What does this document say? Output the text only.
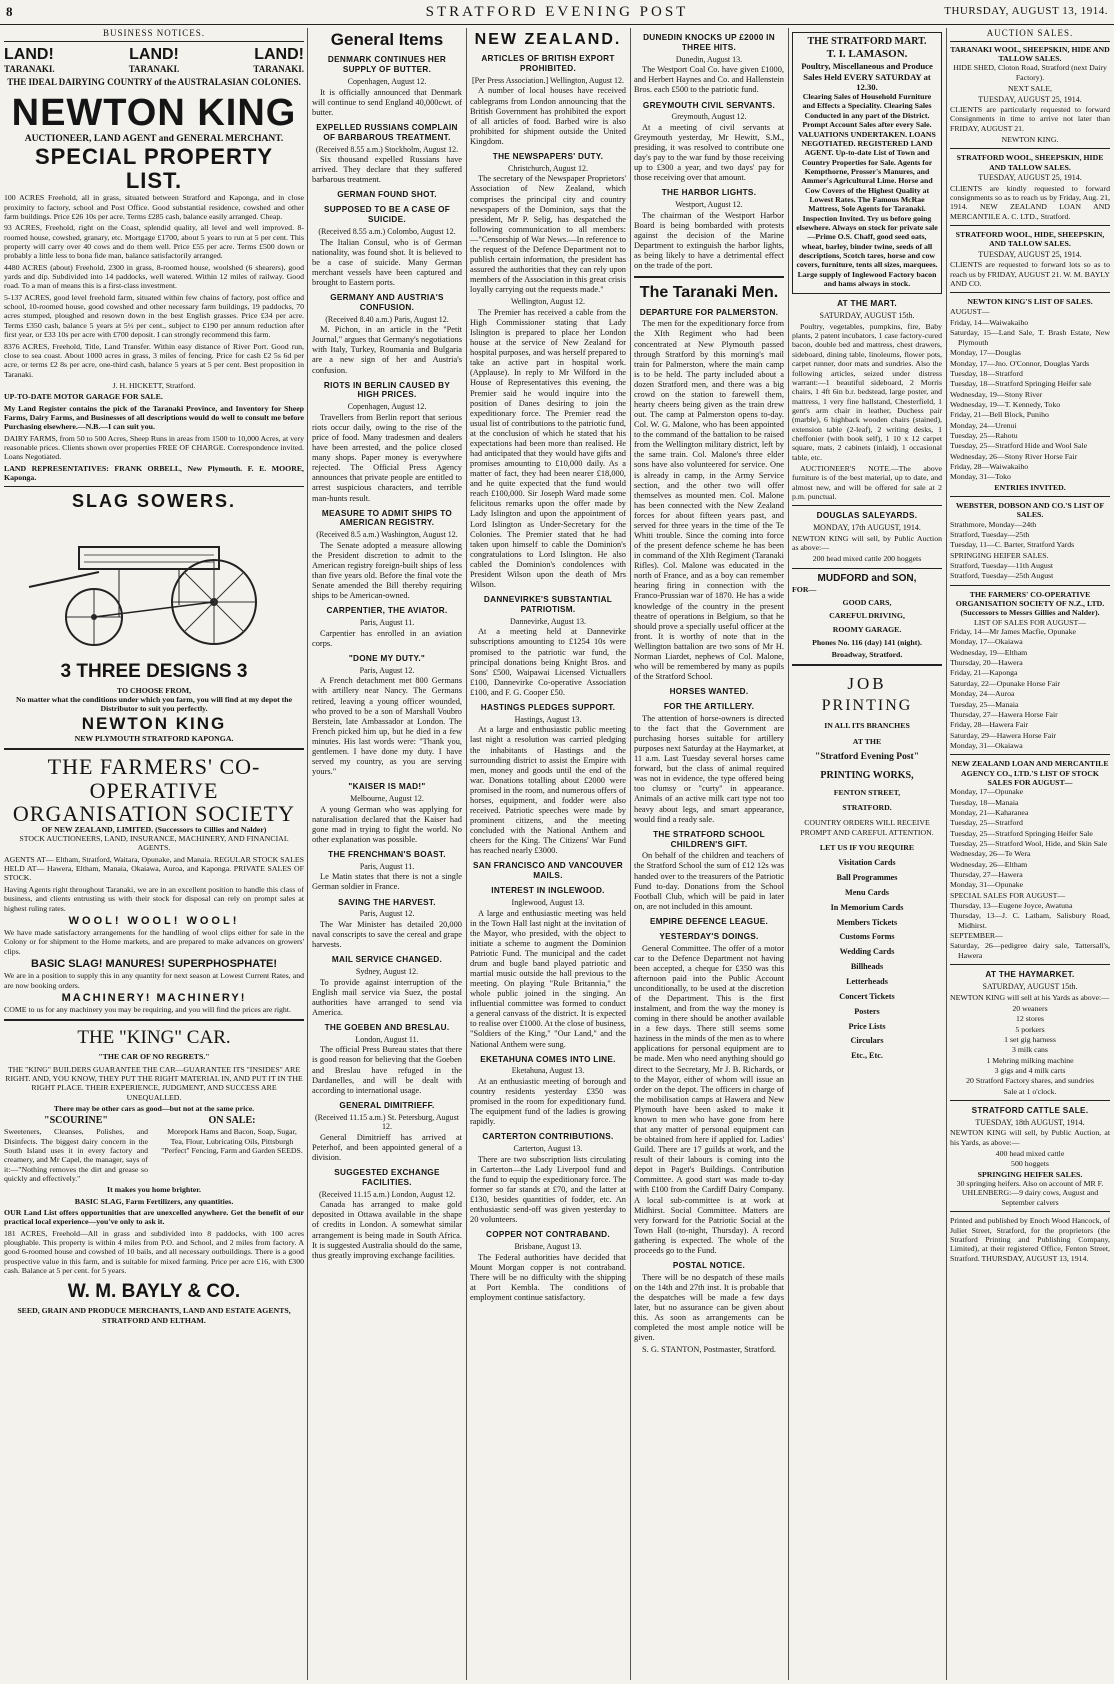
8	STRATFORD EVENING POST	THURSDAY, AUGUST 13, 1914.
BUSINESS NOTICES.
LAND!	LAND!	LAND!
TARANAKI.	TARANAKI.	TARANAKI.
THE IDEAL DAIRYING COUNTRY of the AUSTRALASIAN COLONIES.
NEWTON KING
AUCTIONEER, LAND AGENT and GENERAL MERCHANT.
SPECIAL PROPERTY LIST.

100 ACRES Freehold, all in grass, situated between Stratford and Kaponga, and in close proximity to factory, school and Post Office. Good substantial residence, cowshed and other farm buildings. Price £26 10s per acre. Terms £285 cash, balance easily arranged. Cheap.

93 ACRES, Freehold, right on the Coast, splendid quality, all level and well improved. 8-roomed house, cowshed, granary, etc. Mortgage £1700, about 5 years to run at 5 per cent. This property will carry over 40 cows and do them well. Price £55 per acre. Terms £500 down or probably a little less to bona fide man, balance satisfactorily arranged.

4480 ACRES (about) Freehold, 2300 in grass, 8-roomed house, woolshed (6 shearers), good yards and dip. Subdivided into 14 paddocks, well watered. Within 12 miles of railway. Good road. To a man of means this is a first-class investment.

5-137 ACRES, good level freehold farm, situated within few chains of factory, post office and school, 10-roomed house, good cowshed and other necessary farm buildings, 19 paddocks, 70 acres stumped, ploughed and resown down in the best English grasses. Price £34 per acre. Terms £350 cash, balance 5 years at 5½ per cent., subject to £190 per annum reduction after first year, or £33 10s per acre with £700 deposit. I can strongly recommend this farm.

8376 ACRES, Freehold, Title, Land Transfer. Within easy distance of River Port. Good run, close to sea coast. About 1000 acres in grass, 3 miles of fencing. Price for cash £2 5s 6d per acre, or terms £2 8s per acre, one-third cash, balance 5 years at 5 per cent. Best proposition in Taranaki.

J. H. HICKETT, Stratford.

UP-TO-DATE MOTOR GARAGE FOR SALE.

My Land Register contains the pick of the Taranaki Province, and Inventory for Sheep Farms, Dairy Farms, and Businesses of all descriptions would do well to consult me before Purchasing elsewhere.—N.B.—I can suit you.

DAIRY FARMS, from 50 to 500 Acres, Sheep Runs in areas from 1500 to 10,000 Acres, at very reasonable prices. Clients shown over properties FREE OF CHARGE. Correspondence invited. Loans Negotiated.

LAND REPRESENTATIVES: FRANK ORBELL, New Plymouth. F. E. MOORE, Kaponga.

SLAG SOWERS.
3 THREE DESIGNS 3
TO CHOOSE FROM,
No matter what the conditions under which you farm, you will find at my depot the Distributor to suit you perfectly.
NEWTON KING
NEW PLYMOUTH STRATFORD KAPONGA.
THE FARMERS' CO-OPERATIVE ORGANISATION SOCIETY
OF NEW ZEALAND, LIMITED. (Successors to Cillies and Nalder)

STOCK AUCTIONEERS, LAND, INSURANCE, MACHINERY, AND FINANCIAL AGENTS.

AGENTS AT— Eltham, Stratford, Waitara, Opunake, and Manaia. REGULAR STOCK SALES HELD AT— Hawera, Eltham, Manaia, Okaiawa, Auroa, and Kaponga. PRIVATE SALES OF STOCK.

Having Agents right throughout Taranaki, we are in an excellent position to handle this class of business, and clients entrusting us with their stock for disposal can rely on prompt sales at highest ruling rates.

WOOL! WOOL! WOOL!

We have made satisfactory arrangements for the handling of wool clips either for sale in the Colony or for shipment to the Home markets, and are prepared to make advances on growers' clips.

BASIC SLAG! MANURES! SUPERPHOSPHATE!

We are in a position to supply this in any quantity for next season at Lowest Current Rates, and are now booking orders.

MACHINERY! MACHINERY!

COME to us for any machinery you may be requiring, and you will find the prices are right.

THE "KING" CAR.
"THE CAR OF NO REGRETS."

THE "KING" BUILDERS GUARANTEE THE CAR—GUARANTEE ITS "INSIDES" ARE RIGHT. AND, YOU KNOW, THEY PUT THE RIGHT MATERIAL IN, AND PUT IT IN THE RIGHT PLACE. THEIR EXPERIENCE, JUDGMENT, AND SUCCESS ARE UNEQUALLED.

There may be other cars as good—but not at the same price.

"SCOURINE"

Sweeteners, Cleanses, Polishes, and Disinfects. The biggest dairy concern in the South Island uses it in every factory and creamery, and Mr Capel, the manager, says of it:—"Nothing removes the dirt and grease so quickly and effectively."

ON SALE:

Morepork Hams and Bacon, Soap, Sugar, Tea, Flour, Lubricating Oils, Pittsburgh "Perfect" Fencing, Farm and Garden SEEDS.

It makes you home brighter.

BASIC SLAG, Farm Fertilizers, any quantities.

OUR Land List offers opportunities that are unexcelled anywhere. Get the benefit of our practical local experience—you've only to ask it.

181 ACRES, Freehold—All in grass and subdivided into 8 paddocks, with 100 acres ploughable. This property is within 4 miles from P.O. and School, and 2 miles from factory. A good 6-roomed house and cowshed of 10 bails, and all necessary outbuildings. There is a good prospective value in this farm, and is suitable for mixed farming. Price per acre £16, with £300 cash. Balance at 5 per cent. for 5 years.

W. M. BAYLY & CO.
SEED, GRAIN AND PRODUCE MERCHANTS, LAND AND ESTATE AGENTS, STRATFORD AND ELTHAM.
General Items
DENMARK CONTINUES HER SUPPLY OF BUTTER.
Copenhagen, August 12.

It is officially announced that Denmark will continue to send England 40,000cwt. of butter.

EXPELLED RUSSIANS COMPLAIN OF BARBAROUS TREATMENT.
(Received 8.55 a.m.) Stockholm, August 12.

Six thousand expelled Russians have arrived. They declare that they suffered barbarous treatment.

GERMAN FOUND SHOT.
SUPPOSED TO BE A CASE OF SUICIDE.
(Received 8.55 a.m.) Colombo, August 12.

The Italian Consul, who is of German nationality, was found shot. It is believed to be a case of suicide. Many German merchant vessels have been captured and brought to Eastern ports.

GERMANY AND AUSTRIA'S CONFUSION.
(Received 8.40 a.m.) Paris, August 12.

M. Pichon, in an article in the "Petit Journal," argues that Germany's negotiations with Italy, Turkey, Roumania and Bulgaria are a new sign of her and Austria's confusion.

RIOTS IN BERLIN CAUSED BY HIGH PRICES.
Copenhagen, August 12.

Travellers from Berlin report that serious riots occur daily, owing to the rise of the price of food. Many tradesmen and dealers have been arrested, and the police closed many shops. Paper money is everywhere rejected. The Official Press Agency announces that private people are entitled to arrest suspicious characters, and terrible man-hunts result.

MEASURE TO ADMIT SHIPS TO AMERICAN REGISTRY.
(Received 8.5 a.m.) Washington, August 12.

The Senate adopted a measure allowing the President discretion to admit to the American registry foreign-built ships of less than five years old. Before the final vote the Senate amended the Bill thereby requiring ships to be American-owned.

CARPENTIER, THE AVIATOR.
Paris, August 11.

Carpentier has enrolled in an aviation corps.

"DONE MY DUTY."
Paris, August 12.

A French detachment met 800 Germans with artillery near Nancy. The Germans retired, leaving a young officer wounded, who proved to be a son of Marshall Voubro Berstein, late Ambassador at London. The French picked him up, but he died in a few minutes. His last words were: "Thank you, gentlemen. I have done my duty. I have served my country, as you are serving yours."

"KAISER IS MAD!"
Melbourne, August 12.

A young German who was applying for naturalisation declared that the Kaiser had gone mad in trying to fight the world. No other explanation was possible.

THE FRENCHMAN'S BOAST.
Paris, August 11.

Le Matin states that there is not a single German soldier in France.

SAVING THE HARVEST.
Paris, August 12.

The War Minister has detailed 20,000 naval conscripts to save the cereal and grape harvests.

MAIL SERVICE CHANGED.
Sydney, August 12.

To provide against interruption of the English mail service via Suez, the postal authorities have arranged to send via America.

THE GOEBEN AND BRESLAU.
London, August 11.

The official Press Bureau states that there is good reason for believing that the Goeben and Breslau have refuged in the Dardanelles, and will be dealt with according to international usage.

GENERAL DIMITRIEFF.
(Received 11.15 a.m.) St. Petersburg, August 12.

General Dimitrieff has arrived at Peterhof, and been appointed general of a division.

SUGGESTED EXCHANGE FACILITIES.
(Received 11.15 a.m.) London, August 12.

Canada has arranged to make gold deposited in Ottawa available in the shape of credits in London. A somewhat similar arrangement is being made in South Africa. It is suggested Australia should do the same, thus greatly improving exchange facilities.

NEW ZEALAND.
ARTICLES OF BRITISH EXPORT PROHIBITED.
[Per Press Association.] Wellington, August 12.

A number of local houses have received cablegrams from London announcing that the British Government has prohibited the export of all articles of food. Barbed wire is also prohibited for shipment outside the United Kingdom.

THE NEWSPAPERS' DUTY.
Christchurch, August 12.

The secretary of the Newspaper Proprietors' Association of New Zealand, which comprises the principal city and country newspapers of the Dominion, says that the president, Mr P. Selig, has despatched the following communication to all members:—"Censorship of War News.—In reference to the request of the Defence Department not to publish certain information, the president has assured the authorities that they can rely upon members of the Association in this great crisis loyally carrying out the requests made."

Wellington, August 12.

The Premier has received a cable from the High Commissioner stating that Lady Islington is prepared to place her London house at the service of New Zealand for hospital purposes, and was herself prepared to take an active part in hospital work. (Applause). In reply to Mr Wilford in the House of Representatives this evening, the Premier said he would inquire into the position of Danes desiring to join the expeditionary force. The Premier read the usual list of contributions to the patriotic fund, at the conclusion of which he stated that his expectations had been more than realised. He had anticipated that they would have gifts and promises amounting to £10,000 daily. As a matter of fact, they had been nearer £18,000, and he quite expected that the fund would reach £100,000. Sir Joseph Ward made some felicitous remarks upon the offer made by Lady Islington and upon the appointment of Lord Islington as Under-Secretary for the Colonies. The Premier stated that he had taken upon himself to cable the Dominion's congratulations to Lord Islington. He also cabled the Dominion's condolences with President Wilson upon the death of Mrs Wilson.

DANNEVIRKE'S SUBSTANTIAL PATRIOTISM.
Dannevirke, August 13.

At a meeting held at Dannevirke subscriptions amounting to £1254 10s were promised to the patriotic war fund, the principal donations being Knight Bros. and Sons' £500, Waipawai Licensed Victuallers £100, Dannevirke Co-operative Association £100, and F. G. Cooper £50.

HASTINGS PLEDGES SUPPORT.
Hastings, August 13.

At a large and enthusiastic public meeting last night a resolution was carried pledging the inhabitants of Hastings and the surrounding district to assist the Empire with men, money and goods until the end of the war. Donations totalling about £2000 were promised in the room, and numerous offers of horses, equipment, and fodder were also received. Patriotic speeches were made by prominent citizens, and the meeting concluded with the National Anthem and cheers for the King. The Citizens' War Fund has reached nearly £3000.

SAN FRANCISCO AND VANCOUVER MAILS.
INTEREST IN INGLEWOOD.
Inglewood, August 13.

A large and enthusiastic meeting was held in the Town Hall last night at the invitation of the Mayor, who presided, with the object to initiate a scheme to augment the Dominion Patriotic Fund. The municipal and the cadet drum and bugle band played patriotic and martial music outside the hall previous to the meeting. On playing "Rule Britannia," the whole public joined in the singing. An influential committee was formed to conduct a general canvass of the district. It is expected to realise over £1000. At the close of business, "Soldiers of the King," "Our Land," and the National Anthem were sung.

EKETAHUNA COMES INTO LINE.
Eketahuna, August 13.

At an enthusiastic meeting of borough and country residents yesterday £350 was promised in the room for expeditionary fund. The equipment fund of the ladies is growing rapidly.

CARTERTON CONTRIBUTIONS.
Carterton, August 13.

There are two subscription lists circulating in Carterton—the Lady Liverpool fund and the fund to equip the expeditionary force. The former so far stands at £70, and the latter at £130, besides quantities of fodder, etc. An enthusiastic send-off was given yesterday to 20 volunteers.

COPPER NOT CONTRABAND.
Brisbane, August 13.

The Federal authorities have decided that Mount Morgan copper is not contraband. There will be no difficulty with the shipping at Port Kembla. The conditions of employment continue satisfactory.

DUNEDIN KNOCKS UP £2000 IN THREE HITS.
Dunedin, August 13.

The Westport Coal Co. have given £1000, and Herbert Haynes and Co. and Hallenstein Bros. each £500 to the patriotic fund.

GREYMOUTH CIVIL SERVANTS.
Greymouth, August 12.

At a meeting of civil servants at Greymouth yesterday, Mr Hewitt, S.M., presiding, it was resolved to contribute one day's pay to the war fund by those receiving up to £300 a year, and two days' pay for those receiving over that amount.

THE HARBOR LIGHTS.
Westport, August 12.

The chairman of the Westport Harbor Board is being bombarded with protests against the decision of the Marine Department to extinguish the harbor lights, as being likely to have a detrimental effect on the trade of the port.

The Taranaki Men.
DEPARTURE FOR PALMERSTON.

The men for the expeditionary force from the XIth Regiment who had been concentrated at New Plymouth passed through Stratford by this morning's mail train for Palmerston, where the main camp is to be held. The party included about a dozen Stratford men, and there was a big crowd on the station to farewell them, hearty cheers being given as the train drew out. The camp at Palmerston opens to-day. Col. W. G. Malone, who has been appointed to the command of the battalion to be raised from the Wellington military district, left by the same train. Col. Malone's three elder sons have also volunteered for service. One is already in camp, in the Army Service section, and the other two will offer themselves as mounted men. Col. Malone has been connected with the New Zealand forces for about fifteen years past, and served for three years in the time of the Te Whiti trouble. Since the coming into force of the present defence scheme he has been in command of the XIth Regiment (Taranaki Rifles). Col. Malone was educated in the north of France, and as a boy can remember hearing firing in connection with the Franco-Prussian war of 1870. He has a wide knowledge of the country in the present theatre of operations in Belgium, so that he should prove a specially useful officer at the front. It is worthy of note that in the Wellington battalion are two sons of Mr H. Norman Liardet, nephews of Col. Malone, who will be remembered by many as pupils of the Stratford School.

HORSES WANTED.
FOR THE ARTILLERY.

The attention of horse-owners is directed to the fact that the Government are purchasing horses suitable for artillery purposes next Saturday at the Haymarket, at 11 a.m. Last Tuesday several horses came forward, but the class of animal required was not in evidence, the type offered being too clumsy or "curty" in appearance. Animals of an active milk cart type not too heavy about legs, and smart appearance, would find a ready sale.

THE STRATFORD SCHOOL CHILDREN'S GIFT.

On behalf of the children and teachers of the Stratford School the sum of £12 12s was handed over to the treasurers of the Patriotic Fund to-day. Donations from the School Football Club, which will be paid in later on, are not included in this amount.

EMPIRE DEFENCE LEAGUE.
YESTERDAY'S DOINGS.

General Committee. The offer of a motor car to the Defence Department not having been accepted, a cheque for £350 was this afternoon paid into the Public Account unconditionally, to be used at the discretion of the Department. This is the first instalment, and from the way the money is coming in there should be another available in a few days. There still seems some haziness in the minds of the men as to where applications for personal equipment are to be made. Men who need anything should go direct to the Secretary, Mr J. B. Richards, or to the Mayor, either of whom will issue an order on the depot. The officers in charge of the mobilisation camps at Hawera and New Plymouth have been asked to make it known to men who have gone from here that any matter of personal equipment can be obtained from here if applied for. Ladies' Guild. There are 17 guilds at work, and the result of their labours is coming into the depot in Paget's Buildings. Contribution Committee. A good start was made to-day with £100 from the Cardiff Dairy Company. A local sub-committee is at work at Midhirst. Social Committee. Matters are very forward for the Patriotic Social at the Town Hall (to-night, Thursday). A record gathering is expected. The whole of the proceeds go to the Fund.

POSTAL NOTICE.

There will be no despatch of these mails on the 14th and 27th inst. It is probable that the despatches will be made a few days later, but no assurance can be given about this. As soon as arrangements can be completed the most ample notice will be given.

S. G. STANTON, Postmaster, Stratford.

THE STRATFORD MART.
T. I. LAMASON.
Poultry, Miscellaneous and Produce Sales Held EVERY SATURDAY at 12.30.

Clearing Sales of Household Furniture and Effects a Speciality. Clearing Sales Conducted in any part of the District. Prompt Account Sales after every Sale. VALUATIONS UNDERTAKEN. LOANS NEGOTIATED. REGISTERED LAND AGENT. Up-to-date List of Town and Country Properties for Sale. Agents for Kempthorne, Prosser's Manures, and Ammer's Agricultural Lime. Horse and Cow Covers of the Highest Quality at Lowest Rates. The Famous McRae Mattress, Sole Agents for Taranaki. Inspection Invited. Try us before going elsewhere. Always on stock for private sale—Prime O.S. Chaff, good seed oats, wheat, barley, binder twine, seeds of all descriptions, Scotch tares, horse and cow covers, furniture, tents all sizes, marquees. Large supply of Inglewood Factory bacon and hams always in stock.

AT THE MART.
SATURDAY, AUGUST 15th.

Poultry, vegetables, pumpkins, fire, Baby plants, 2 patent incubators, 1 case factory-cured bacon, double bed and mattress, chest drawers, sideboard, dining table, linoleums, flower pots, carpet runner, door mats and sundries. Also the following articles, seized under distress warrant:—1 beautiful sideboard, 2 Morris chairs, 1 4ft 6in b.r. bedstead, large poster, and mattress, 1 very fine hallstand, Chesterfield, 1 gent's arm chair in leather, Duchess pair (marble), 6 highback wooden chairs (stained), extension table (2-leaf), 2 writing desks, 1 cheffonier (with book self), 1 10 x 12 carpet square, mats, 2 cabinets (inlaid), 1 occasional table, etc.

AUCTIONEER'S NOTE.—The above furniture is of the best material, up to date, and almost new, and will be offered for sale at 2 p.m. punctual.

DOUGLAS SALEYARDS.
MONDAY, 17th AUGUST, 1914.

NEWTON KING will sell, by Public Auction as above:—

200 head mixed cattle 200 hoggets

MUDFORD and SON,

FOR—

GOOD CARS,

CAREFUL DRIVING,

ROOMY GARAGE.

Phones No. 116 (day) 141 (night).

Broadway, Stratford.

JOB
PRINTING
IN ALL ITS BRANCHES
AT THE
"Stratford Evening Post"
PRINTING WORKS,
FENTON STREET,
STRATFORD.
COUNTRY ORDERS WILL RECEIVE PROMPT AND CAREFUL ATTENTION.
LET US IF YOU REQUIRE

Visitation Cards

Ball Programmes

Menu Cards

In Memorium Cards

Members Tickets

Customs Forms

Wedding Cards

Billheads

Letterheads

Concert Tickets

Posters

Price Lists

Circulars

Etc., Etc.

AUCTION SALES.
TARANAKI WOOL, SHEEPSKIN, HIDE AND TALLOW SALES.

HIDE SHED, Cloton Road, Stratford (next Dairy Factory).

NEXT SALE,
TUESDAY, AUGUST 25, 1914.

CLIENTS are particularly requested to forward Consignments in time to arrive not later than FRIDAY, AUGUST 21.

NEWTON KING.

STRATFORD WOOL, SHEEPSKIN, HIDE AND TALLOW SALES.
TUESDAY, AUGUST 25, 1914.

CLIENTS are kindly requested to forward consignments so as to reach us by Friday, Aug. 21, 1914. NEW ZEALAND LOAN AND MERCANTILE A. C. LTD., Stratford.

STRATFORD WOOL, HIDE, SHEEPSKIN, AND TALLOW SALES.
TUESDAY, AUGUST 25, 1914.

CLIENTS are requested to forward lots so as to reach us by FRIDAY, AUGUST 21. W. M. BAYLY AND CO.

NEWTON KING'S LIST OF SALES.

AUGUST—

Friday, 14—Waiwakaiho

Saturday, 15—Land Sale, T. Brash Estate, New Plymouth

Monday, 17—Douglas

Monday, 17—Jno. O'Connor, Douglas Yards

Tuesday, 18—Stratford

Tuesday, 18—Stratford Springing Heifer sale

Wednesday, 19—Stony River

Wednesday, 19—T. Kennedy, Toko

Friday, 21—Bell Block, Puniho

Monday, 24—Urenui

Tuesday, 25—Rahotu

Tuesday, 25—Stratford Hide and Wool Sale

Wednesday, 26—Stony River Horse Fair

Friday, 28—Waiwakaiho

Monday, 31—Toko

ENTRIES INVITED.
WEBSTER, DOBSON AND CO.'S LIST OF SALES.

Strathmore, Monday—24th

Stratford, Tuesday—25th

Tuesday, 11—C. Barter, Stratford Yards

SPRINGING HEIFER SALES.

Stratford, Tuesday—11th August

Stratford, Tuesday—25th August

THE FARMERS' CO-OPERATIVE ORGANISATION SOCIETY OF N.Z., LTD. (Successors to Messrs Gillies and Nalder).
LIST OF SALES FOR AUGUST—

Friday, 14—Mr James Macfie, Opunake

Monday, 17—Okaiawa

Wednesday, 19—Eltham

Thursday, 20—Hawera

Friday, 21—Kaponga

Saturday, 22—Opunake Horse Fair

Monday, 24—Auroa

Tuesday, 25—Manaia

Thursday, 27—Hawera Horse Fair

Friday, 28—Hawera Fair

Saturday, 29—Hawera Horse Fair

Monday, 31—Okaiawa

NEW ZEALAND LOAN AND MERCANTILE AGENCY CO., LTD.'S LIST OF STOCK SALES FOR AUGUST—

Monday, 17—Opunake

Tuesday, 18—Manaia

Monday, 21—Kaharanea

Tuesday, 25—Stratford

Tuesday, 25—Stratford Springing Heifer Sale

Tuesday, 25—Stratford Wool, Hide, and Skin Sale

Wednesday, 26—Te Wera

Wednesday, 26—Eltham

Thursday, 27—Hawera

Monday, 31—Opunake

SPECIAL SALES FOR AUGUST—

Thursday, 13—Eugene Joyce, Awatuna

Thursday, 13—J. C. Latham, Salisbury Road, Midhirst.

SEPTEMBER—

Saturday, 26—pedigree dairy sale, Tattersall's, Hawera

AT THE HAYMARKET.
SATURDAY, AUGUST 15th.

NEWTON KING will sell at his Yards as above:—

20 weaners

12 stores

5 porkers

1 set gig harness

3 milk cans

1 Mehring milking machine

3 gigs and 4 milk carts

20 Stratford Factory shares, and sundries

Sale at 1 o'clock.

STRATFORD CATTLE SALE.
TUESDAY, 18th AUGUST, 1914.

NEWTON KING will sell, by Public Auction, at his Yards, as above:—

400 head mixed cattle

500 hoggets

SPRINGING HEIFER SALES.

30 springing heifers. Also on account of MR F. UHLENBERG:—9 dairy cows, August and September calvers

Printed and published by Enoch Wood Hancock, of Juliet Street, Stratford, for the proprietors (the Stratford Printing and Publishing Company, Limited), at their registered Office, Fenton Street, Stratford. THURSDAY, AUGUST 13, 1914.
